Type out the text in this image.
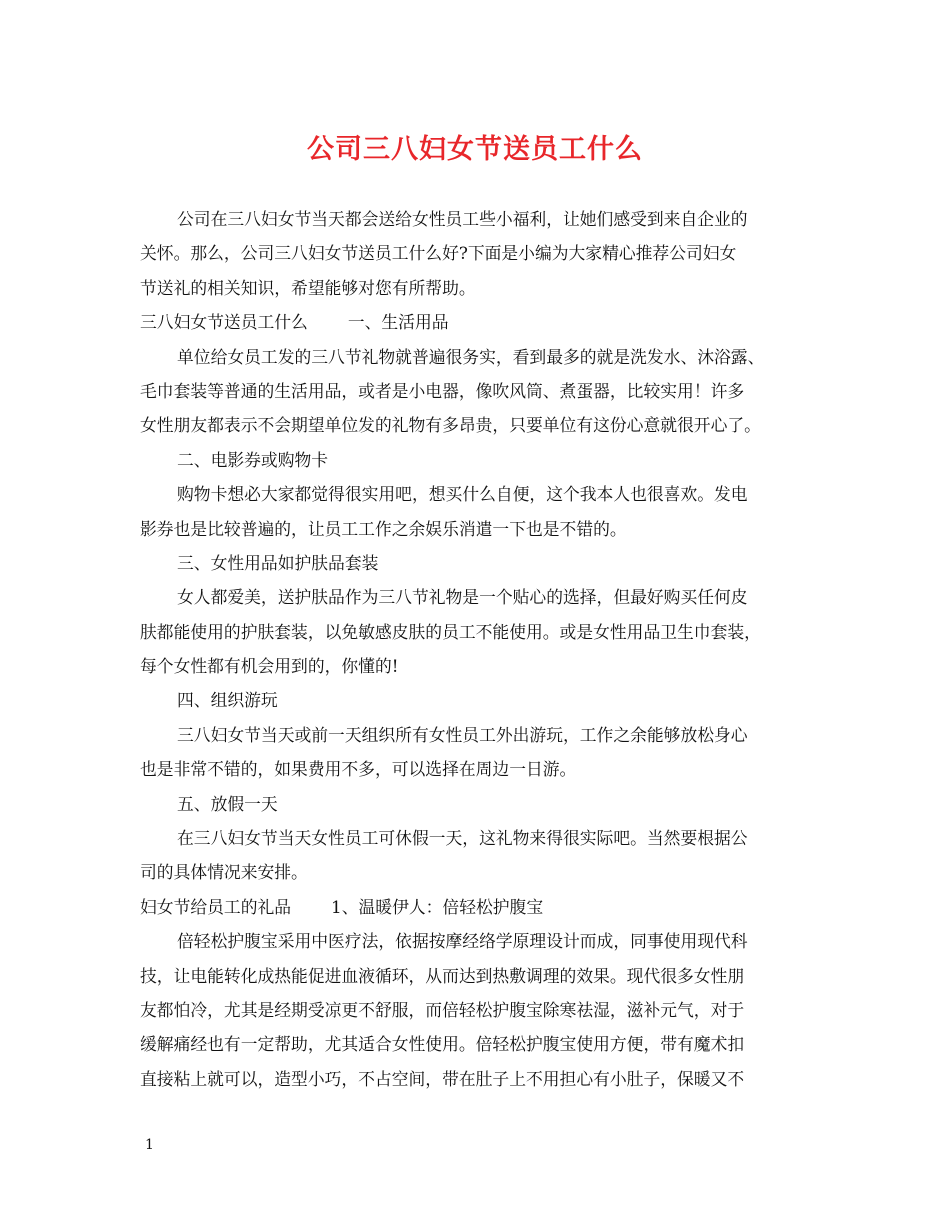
公司三八妇女节送员工什么
公司在三八妇女节当天都会送给女性员工些小福利，让她们感受到来自企业的
关怀。那么，公司三八妇女节送员工什么好?下面是小编为大家精心推荐公司妇女
节送礼的相关知识，希望能够对您有所帮助。
三八妇女节送员工什么 一、生活用品
单位给女员工发的三八节礼物就普遍很务实，看到最多的就是洗发水、沐浴露、
毛巾套装等普通的生活用品，或者是小电器，像吹风筒、煮蛋器，比较实用！许多
女性朋友都表示不会期望单位发的礼物有多昂贵，只要单位有这份心意就很开心了。
二、电影券或购物卡
购物卡想必大家都觉得很实用吧，想买什么自便，这个我本人也很喜欢。发电
影券也是比较普遍的，让员工工作之余娱乐消遣一下也是不错的。
三、女性用品如护肤品套装
女人都爱美，送护肤品作为三八节礼物是一个贴心的选择，但最好购买任何皮
肤都能使用的护肤套装，以免敏感皮肤的员工不能使用。或是女性用品卫生巾套装，
每个女性都有机会用到的，你懂的!
四、组织游玩
三八妇女节当天或前一天组织所有女性员工外出游玩，工作之余能够放松身心
也是非常不错的，如果费用不多，可以选择在周边一日游。
五、放假一天
在三八妇女节当天女性员工可休假一天，这礼物来得很实际吧。当然要根据公
司的具体情况来安排。
妇女节给员工的礼品 1、温暖伊人：倍轻松护腹宝
倍轻松护腹宝采用中医疗法，依据按摩经络学原理设计而成，同事使用现代科
技，让电能转化成热能促进血液循环，从而达到热敷调理的效果。现代很多女性朋
友都怕冷，尤其是经期受凉更不舒服，而倍轻松护腹宝除寒祛湿，滋补元气，对于
缓解痛经也有一定帮助，尤其适合女性使用。倍轻松护腹宝使用方便，带有魔术扣
直接粘上就可以，造型小巧，不占空间，带在肚子上不用担心有小肚子，保暖又不
1
